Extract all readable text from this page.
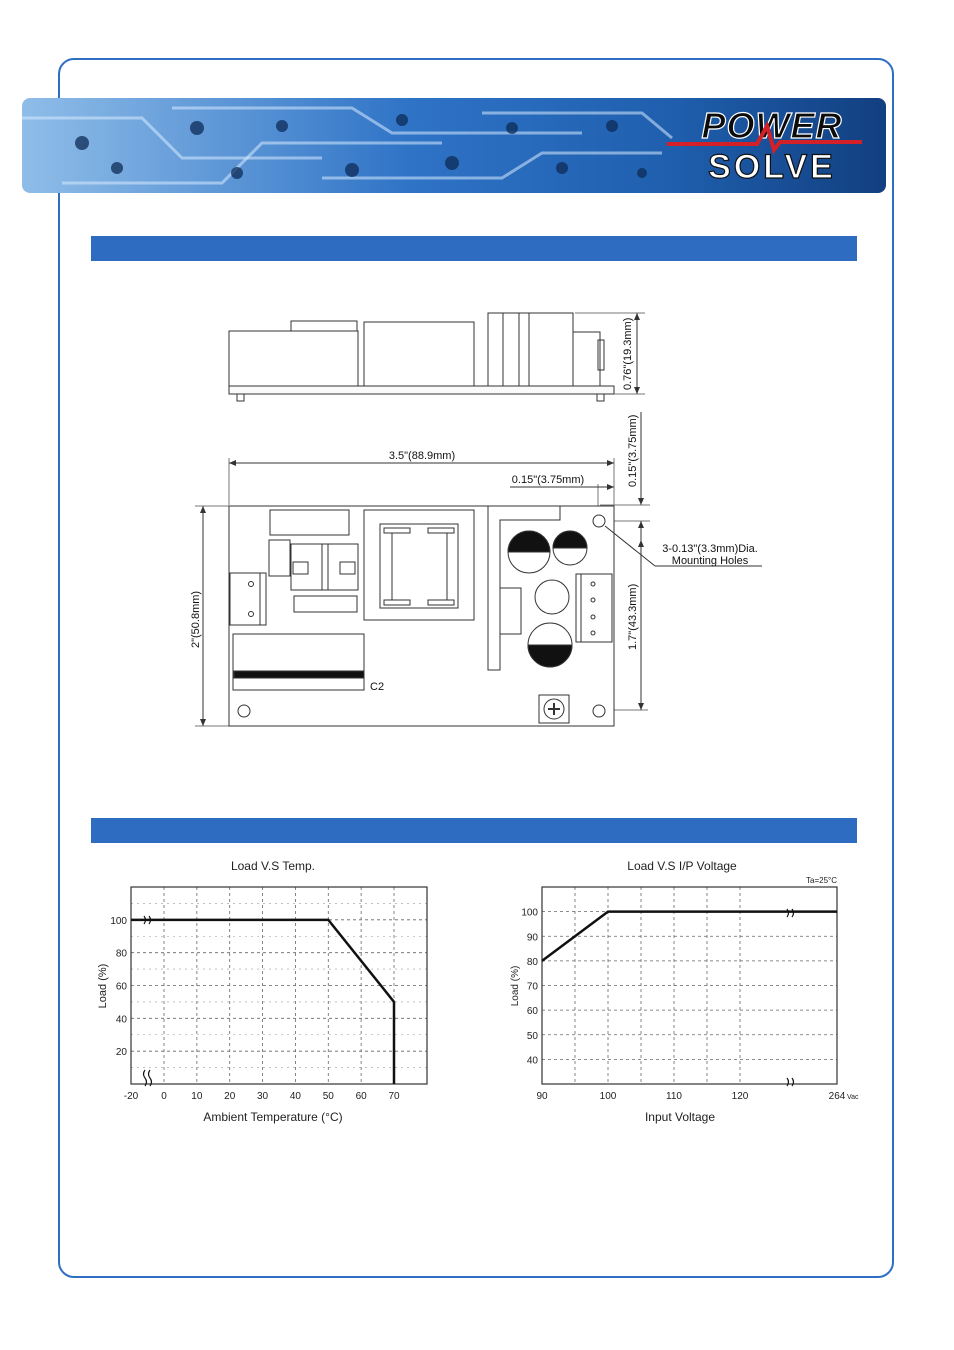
POWER
SOLVE
0.76"(19.3mm)
0.15"(3.75mm)
3.5"(88.9mm)
0.15"(3.75mm)
2"(50.8mm)	1.7"(43.3mm)
3-0.13"(3.3mm)Dia.
Mounting Holes
C2
-20 0 10 20 30 40 50 60 70
20
40
60
80
100
Load V.S Temp.
Ambient Temperature (°C)
Load (%)
90	100	110	120	264 Vac
40
50
60
70
80
90
100
Load V.S I/P Voltage
Ta=25°C
Input Voltage
Load (%)
